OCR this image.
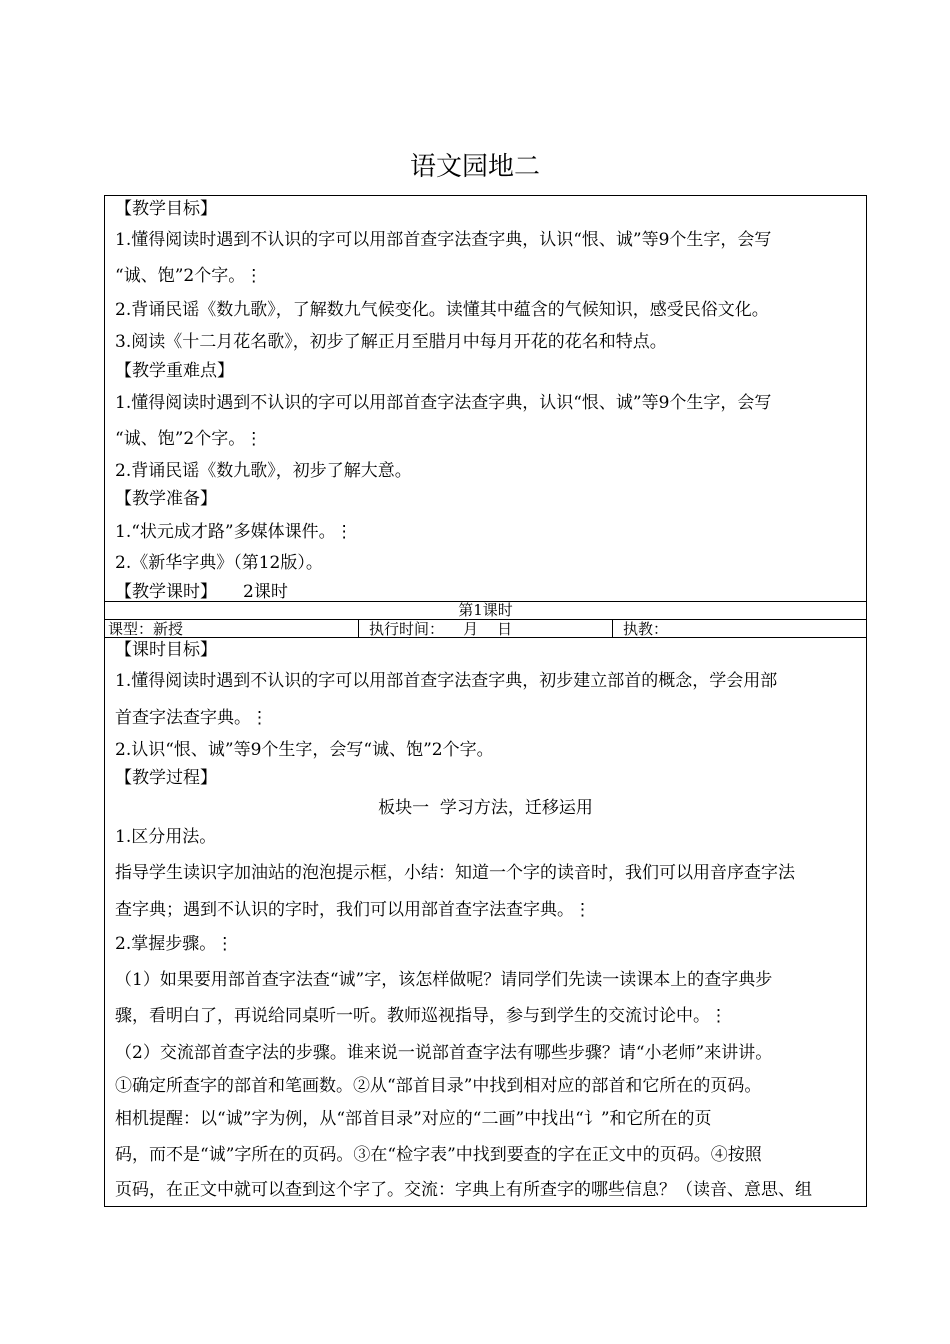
语文园地二
【教学目标】
1.懂得阅读时遇到不认识的字可以用部首查字法查字典，认识“恨、诚”等9个生字，会写
“诚、饱”2个字。⋮
2.背诵民谣《数九歌》，了解数九气候变化。读懂其中蕴含的气候知识，感受民俗文化。
3.阅读《十二月花名歌》，初步了解正月至腊月中每月开花的花名和特点。
【教学重难点】
1.懂得阅读时遇到不认识的字可以用部首查字法查字典，认识“恨、诚”等9个生字，会写
“诚、饱”2个字。⋮
2.背诵民谣《数九歌》，初步了解大意。
【教学准备】
1.“状元成才路”多媒体课件。⋮
2.《新华字典》（第12版）。
【教学课时】 2课时
第1课时
课型：新授	执行时间：    月    日	执教：
【课时目标】
1.懂得阅读时遇到不认识的字可以用部首查字法查字典，初步建立部首的概念，学会用部
首查字法查字典。⋮
2.认识“恨、诚”等9个生字，会写“诚、饱”2个字。
【教学过程】
板块一  学习方法，迁移运用
1.区分用法。
指导学生读识字加油站的泡泡提示框，小结：知道一个字的读音时，我们可以用音序查字法
查字典；遇到不认识的字时，我们可以用部首查字法查字典。⋮
2.掌握步骤。⋮
（1）如果要用部首查字法查“诚”字，该怎样做呢？请同学们先读一读课本上的查字典步
骤，看明白了，再说给同桌听一听。教师巡视指导，参与到学生的交流讨论中。⋮
（2）交流部首查字法的步骤。谁来说一说部首查字法有哪些步骤？请“小老师”来讲讲。
①确定所查字的部首和笔画数。②从“部首目录”中找到相对应的部首和它所在的页码。
相机提醒：以“诚”字为例，从“部首目录”对应的“二画”中找出“讠”和它所在的页
码，而不是“诚”字所在的页码。③在“检字表”中找到要查的字在正文中的页码。④按照
页码，在正文中就可以查到这个字了。交流：字典上有所查字的哪些信息？（读音、意思、组
